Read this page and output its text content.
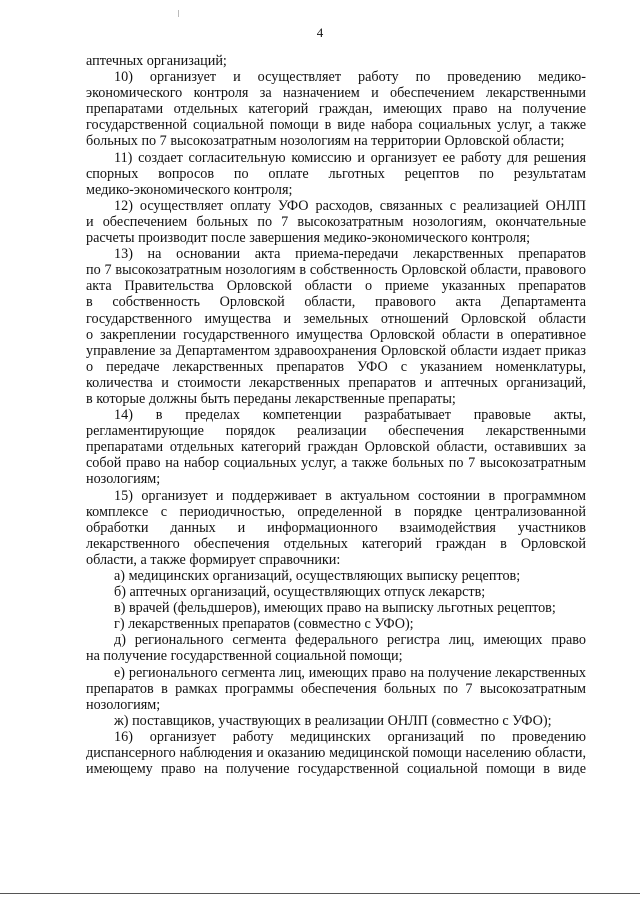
4
аптечных организаций;
10) организует и осуществляет работу по проведению медико-
экономического контроля за назначением и обеспечением лекарственными
препаратами отдельных категорий граждан, имеющих право на получение
государственной социальной помощи в виде набора социальных услуг, а также
больных по 7 высокозатратным нозологиям на территории Орловской области;
11) создает согласительную комиссию и организует ее работу для решения
спорных вопросов по оплате льготных рецептов по результатам
медико-экономического контроля;
12) осуществляет оплату УФО расходов, связанных с реализацией ОНЛП
и обеспечением больных по 7 высокозатратным нозологиям, окончательные
расчеты производит после завершения медико-экономического контроля;
13) на основании акта приема-передачи лекарственных препаратов
по 7 высокозатратным нозологиям в собственность Орловской области, правового
акта Правительства Орловской области о приеме указанных препаратов
в собственность Орловской области, правового акта Департамента
государственного имущества и земельных отношений Орловской области
о закреплении государственного имущества Орловской области в оперативное
управление за Департаментом здравоохранения Орловской области издает приказ
о передаче лекарственных препаратов УФО с указанием номенклатуры,
количества и стоимости лекарственных препаратов и аптечных организаций,
в которые должны быть переданы лекарственные препараты;
14) в пределах компетенции разрабатывает правовые акты,
регламентирующие порядок реализации обеспечения лекарственными
препаратами отдельных категорий граждан Орловской области, оставивших за
собой право на набор социальных услуг, а также больных по 7 высокозатратным
нозологиям;
15) организует и поддерживает в актуальном состоянии в программном
комплексе с периодичностью, определенной в порядке централизованной
обработки данных и информационного взаимодействия участников
лекарственного обеспечения отдельных категорий граждан в Орловской
области, а также формирует справочники:
а) медицинских организаций, осуществляющих выписку рецептов;
б) аптечных организаций, осуществляющих отпуск лекарств;
в) врачей (фельдшеров), имеющих право на выписку льготных рецептов;
г) лекарственных препаратов (совместно с УФО);
д) регионального сегмента федерального регистра лиц, имеющих право
на получение государственной социальной помощи;
е) регионального сегмента лиц, имеющих право на получение лекарственных
препаратов в рамках программы обеспечения больных по 7 высокозатратным
нозологиям;
ж) поставщиков, участвующих в реализации ОНЛП (совместно с УФО);
16) организует работу медицинских организаций по проведению
диспансерного наблюдения и оказанию медицинской помощи населению области,
имеющему право на получение государственной социальной помощи в виде
